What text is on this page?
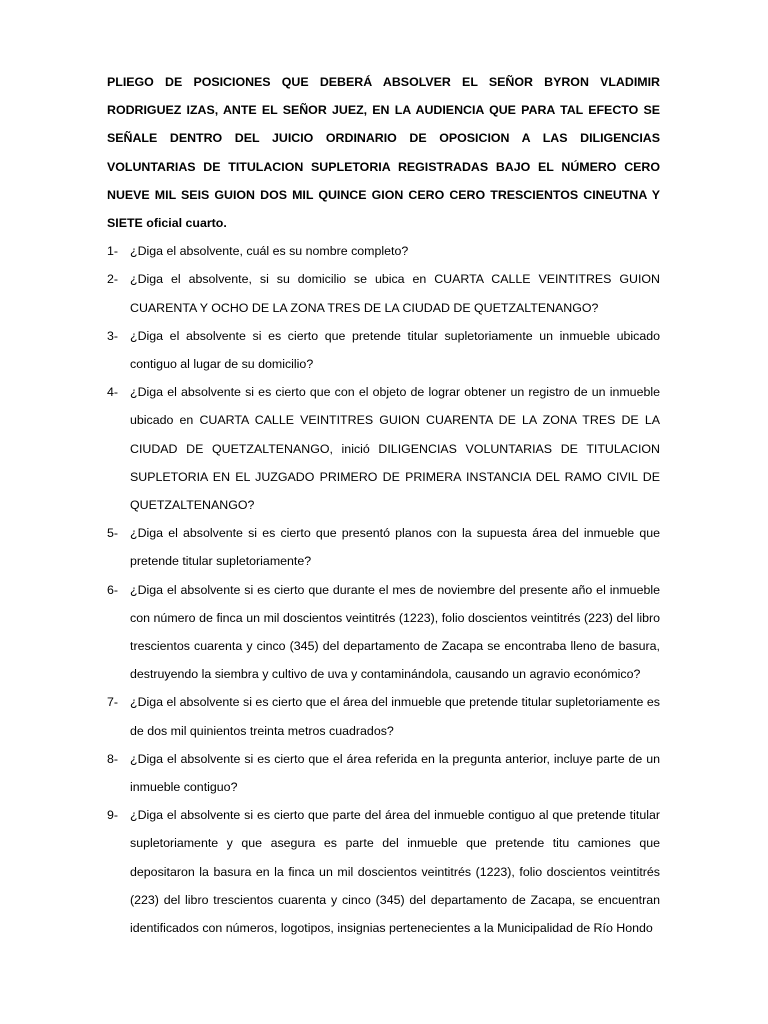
PLIEGO DE POSICIONES QUE DEBERÁ ABSOLVER EL SEÑOR BYRON VLADIMIR RODRIGUEZ IZAS, ANTE EL SEÑOR JUEZ, EN LA AUDIENCIA QUE PARA TAL EFECTO SE SEÑALE DENTRO DEL JUICIO ORDINARIO DE OPOSICION A LAS DILIGENCIAS VOLUNTARIAS DE TITULACION SUPLETORIA REGISTRADAS BAJO EL NÚMERO CERO NUEVE MIL SEIS GUION DOS MIL QUINCE GION CERO CERO TRESCIENTOS CINEUTNA Y SIETE oficial cuarto.

1- ¿Diga el absolvente, cuál es su nombre completo?
2- ¿Diga el absolvente, si su domicilio se ubica en CUARTA CALLE VEINTITRES GUION CUARENTA Y OCHO DE LA ZONA TRES DE LA CIUDAD DE QUETZALTENANGO?
3- ¿Diga el absolvente si es cierto que pretende titular supletoriamente un inmueble ubicado contiguo al lugar de su domicilio?
4- ¿Diga el absolvente si es cierto que con el objeto de lograr obtener un registro de un inmueble ubicado en CUARTA CALLE VEINTITRES GUION CUARENTA DE LA ZONA TRES DE LA CIUDAD DE QUETZALTENANGO, inició DILIGENCIAS VOLUNTARIAS DE TITULACION SUPLETORIA EN EL JUZGADO PRIMERO DE PRIMERA INSTANCIA DEL RAMO CIVIL DE QUETZALTENANGO?
5- ¿Diga el absolvente si es cierto que presentó planos con la supuesta área del inmueble que pretende titular supletoriamente?
6- ¿Diga el absolvente si es cierto que durante el mes de noviembre del presente año el inmueble con número de finca un mil doscientos veintitrés (1223), folio doscientos veintitrés (223) del libro trescientos cuarenta y cinco (345) del departamento de Zacapa se encontraba lleno de basura, destruyendo la siembra y cultivo de uva y contaminándola, causando un agravio económico?
7- ¿Diga el absolvente si es cierto que el área del inmueble que pretende titular supletoriamente es de dos mil quinientos treinta metros cuadrados?
8- ¿Diga el absolvente si es cierto que el área referida en la pregunta anterior, incluye parte de un inmueble contiguo?
9- ¿Diga el absolvente si es cierto que parte del área del inmueble contiguo al que pretende titular supletoriamente y que asegura es parte del inmueble que pretende titu camiones que depositaron la basura en la finca un mil doscientos veintitrés (1223), folio doscientos veintitrés (223) del libro trescientos cuarenta y cinco (345) del departamento de Zacapa, se encuentran identificados con números, logotipos, insignias pertenecientes a la Municipalidad de Río Hondo
